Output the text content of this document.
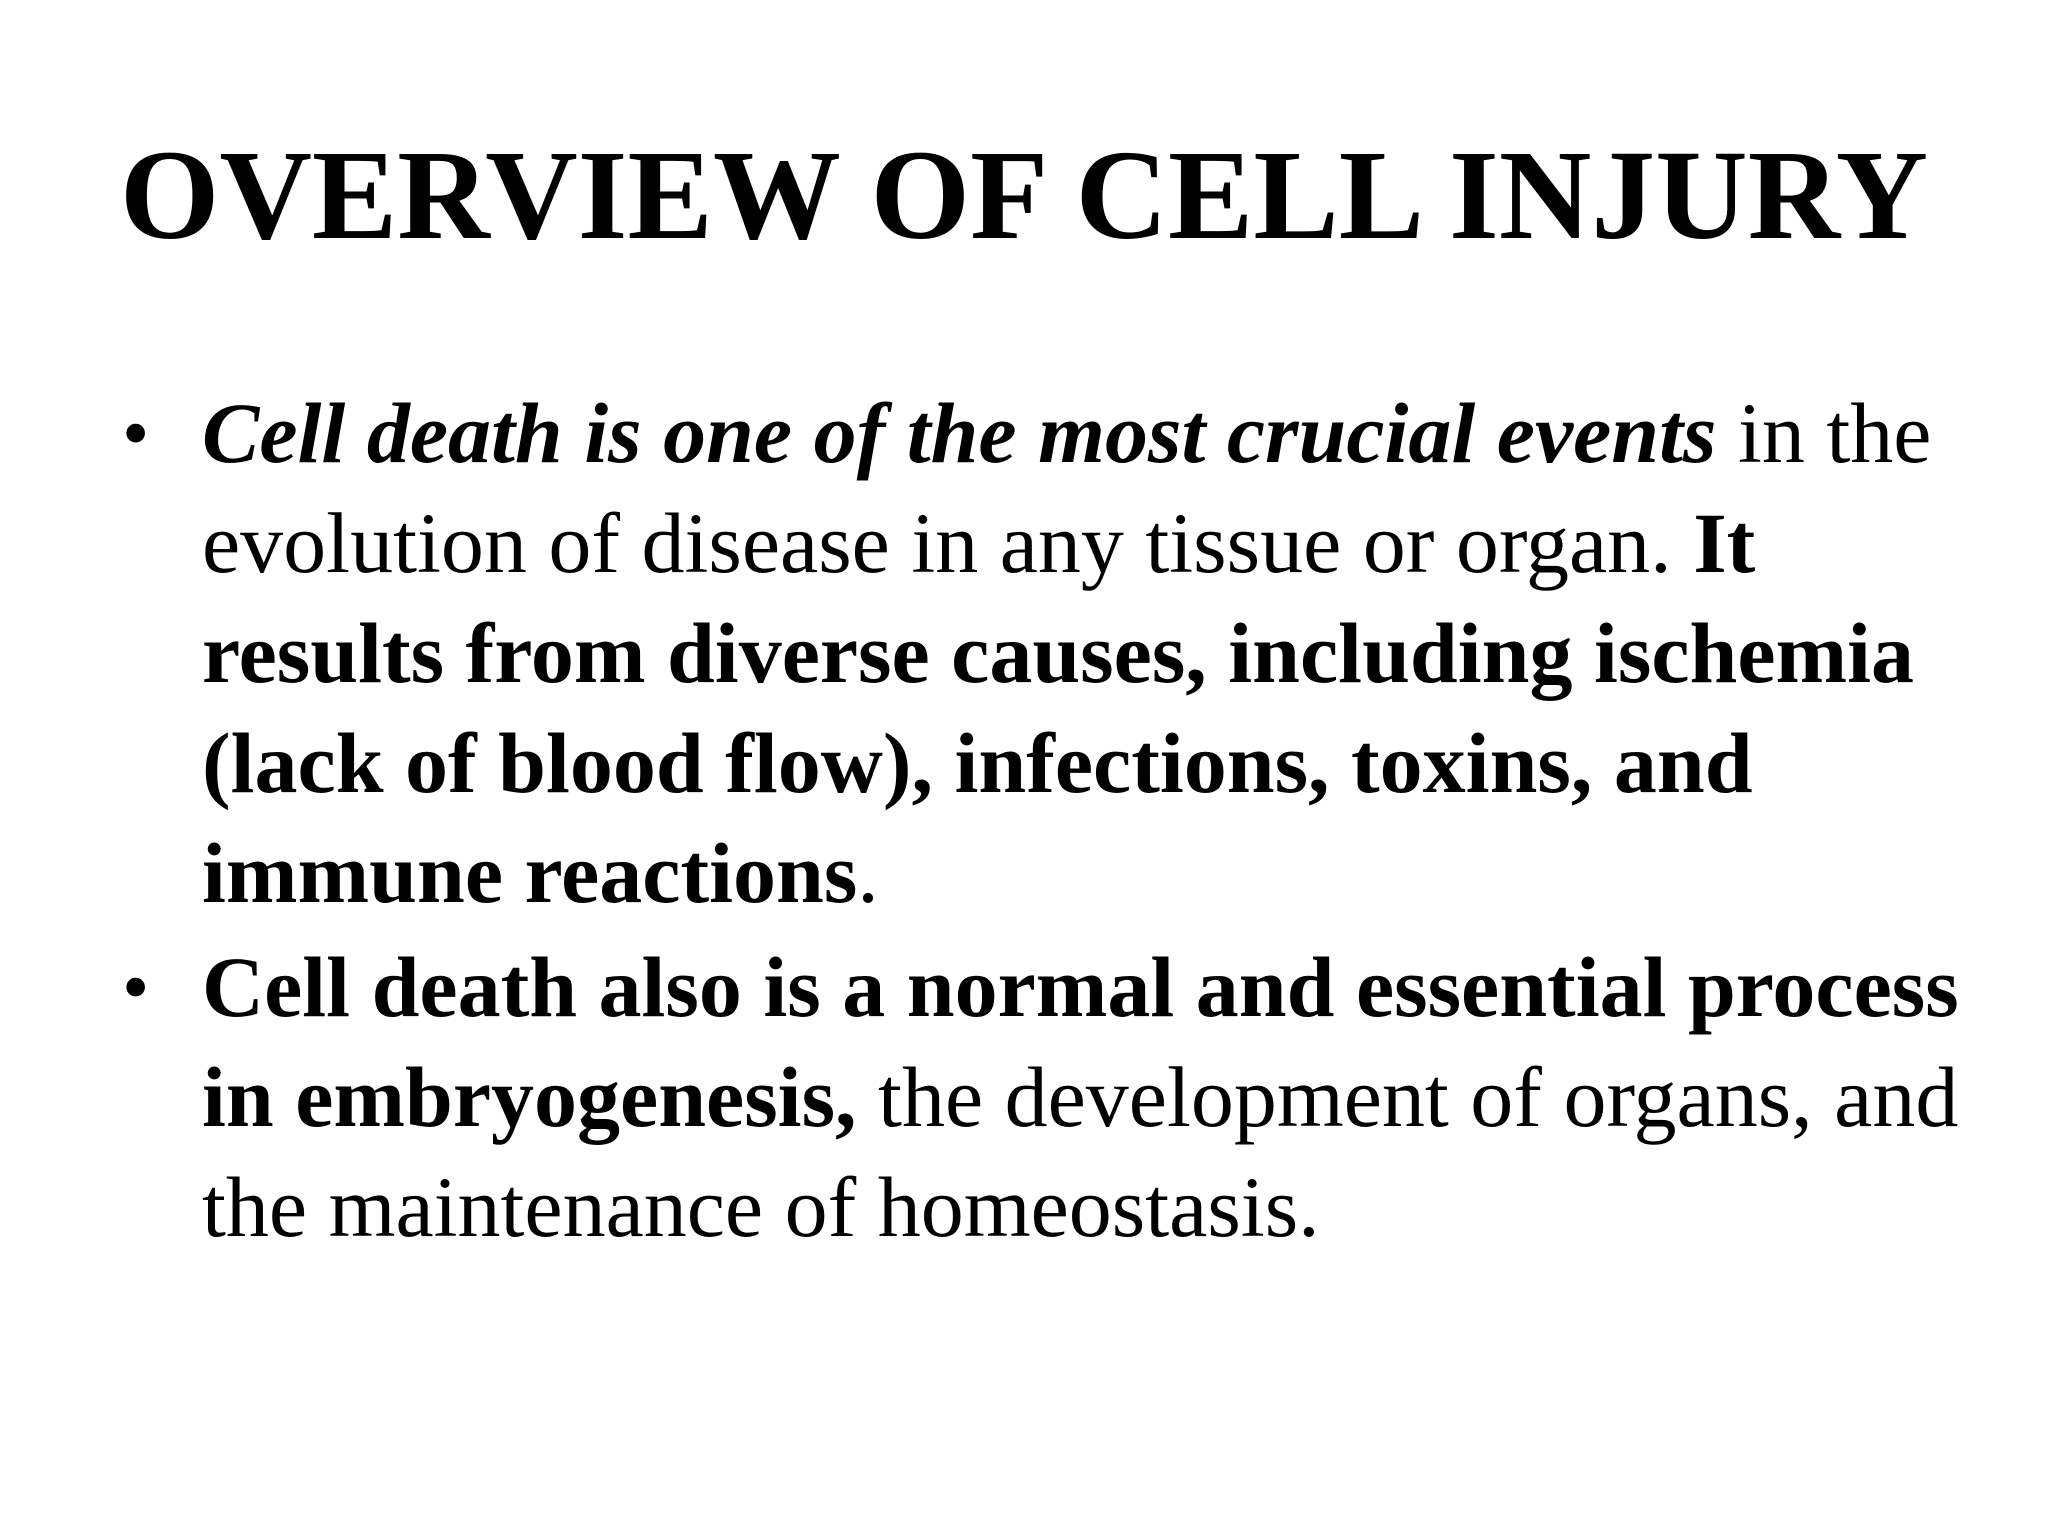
OVERVIEW OF CELL INJURY
• Cell death is one of the most crucial events in the evolution of disease in any tissue or organ. It results from diverse causes, including ischemia (lack of blood flow), infections, toxins, and immune reactions.
• Cell death also is a normal and essential process in embryogenesis, the development of organs, and the maintenance of homeostasis.
